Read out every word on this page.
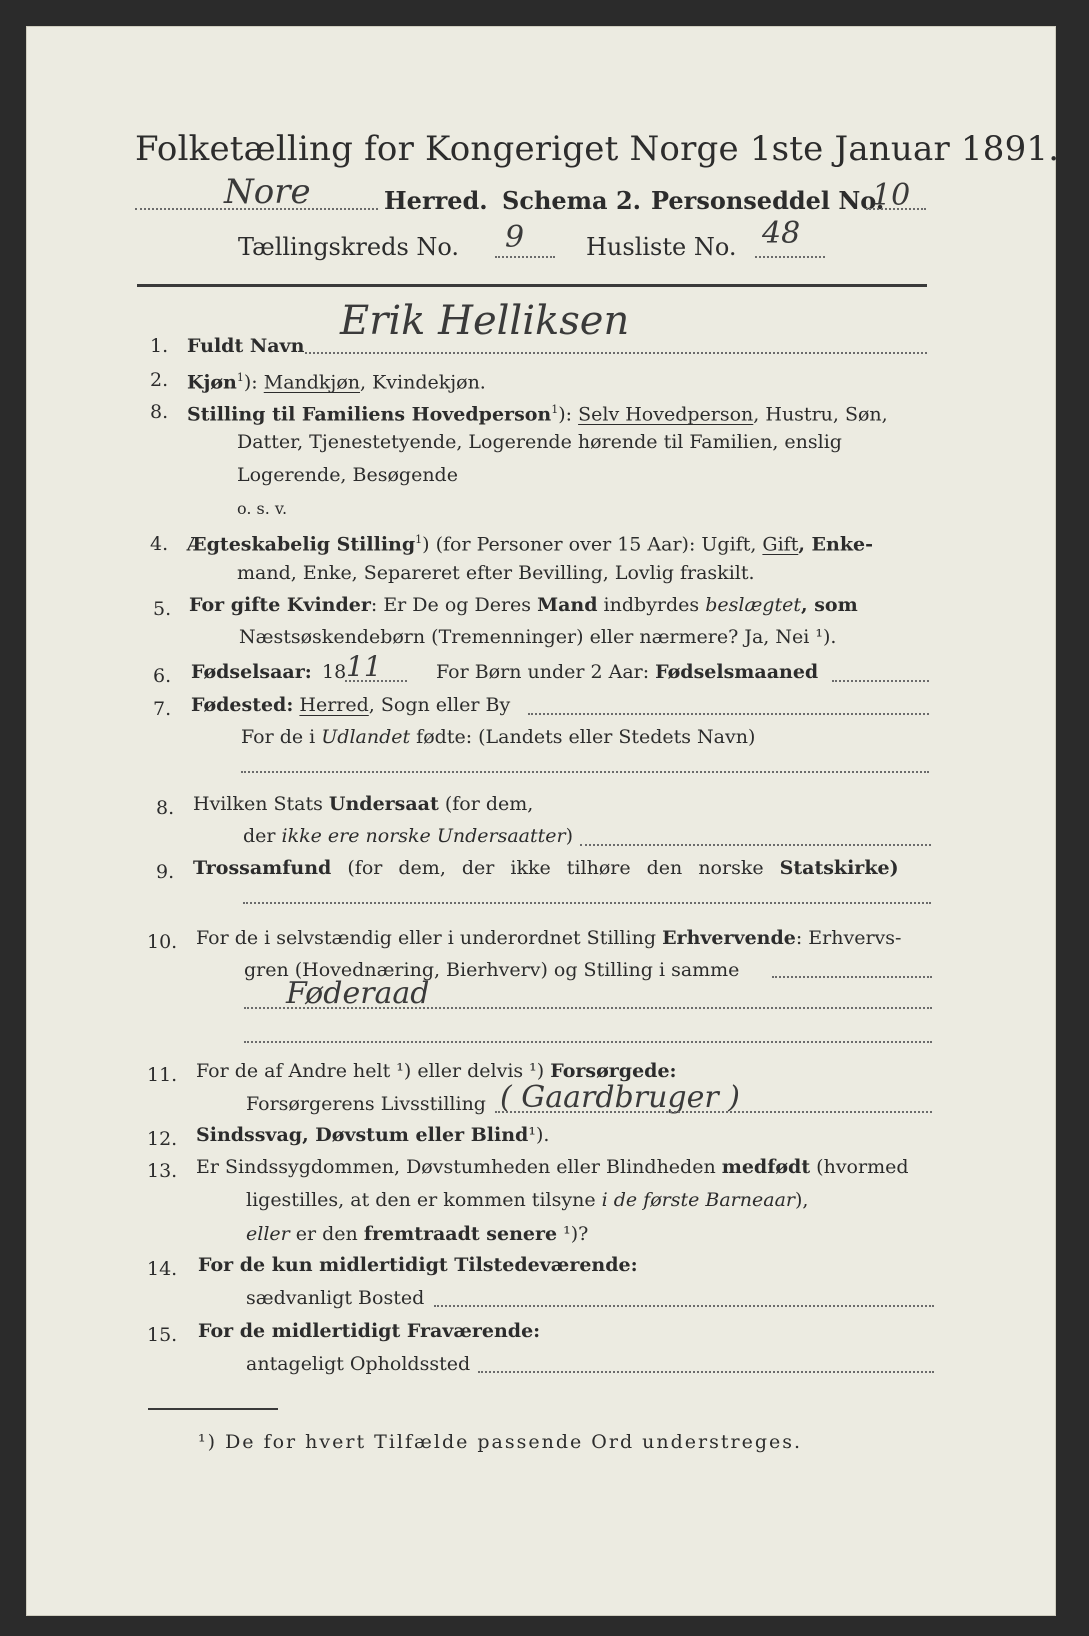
Folketælling for Kongeriget Norge 1ste Januar 1891.
Nore	Herred. Schema 2. Personseddel No.
10
Tællingskreds No. 9	Husliste No. 48
1. Fuldt Navn
Erik Helliksen
2. Kjøn$^1$): Mandkjøn, Kvindekjøn.
8. Stilling til Familiens Hovedperson$^1$): Selv Hovedperson, Hustru, Søn,
Datter, Tjenestetyende, Logerende hørende til Familien, enslig
Logerende, Besøgende
o. s. v.
4. Ægteskabelig Stilling$^1$) (for Personer over 15 Aar): Ugift, Gift, Enke-
mand, Enke, Separeret efter Bevilling, Lovlig fraskilt.
5. For gifte Kvinder: Er De og Deres Mand indbyrdes beslægtet, som
Næstsøskendebørn (Tremenninger) eller nærmere? Ja, Nei ¹).
6. Fødselsaar: 18 11	For Børn under 2 Aar: Fødselsmaaned
7. Fødested: Herred, Sogn eller By
For de i Udlandet fødte: (Landets eller Stedets Navn)
8. Hvilken Stats Undersaat (for dem,
der ikke ere norske Undersaatter)
9. Trossamfund (for dem, der ikke tilhøre den norske Statskirke)
10. For de i selvstændig eller i underordnet Stilling Erhvervende: Erhvervs-
gren (Hovednæring, Bierhverv) og Stilling i samme
Føderaad
11. For de af Andre helt ¹) eller delvis ¹) Forsørgede:
Forsørgerens Livsstilling ( Gaardbruger )
12. Sindssvag, Døvstum eller Blind¹).
13. Er Sindssygdommen, Døvstumheden eller Blindheden medfødt (hvormed
ligestilles, at den er kommen tilsyne i de første Barneaar),
eller er den fremtraadt senere ¹)?
14. For de kun midlertidigt Tilstedeværende:
sædvanligt Bosted
15. For de midlertidigt Fraværende:
antageligt Opholdssted
¹) De for hvert Tilfælde passende Ord understreges.
